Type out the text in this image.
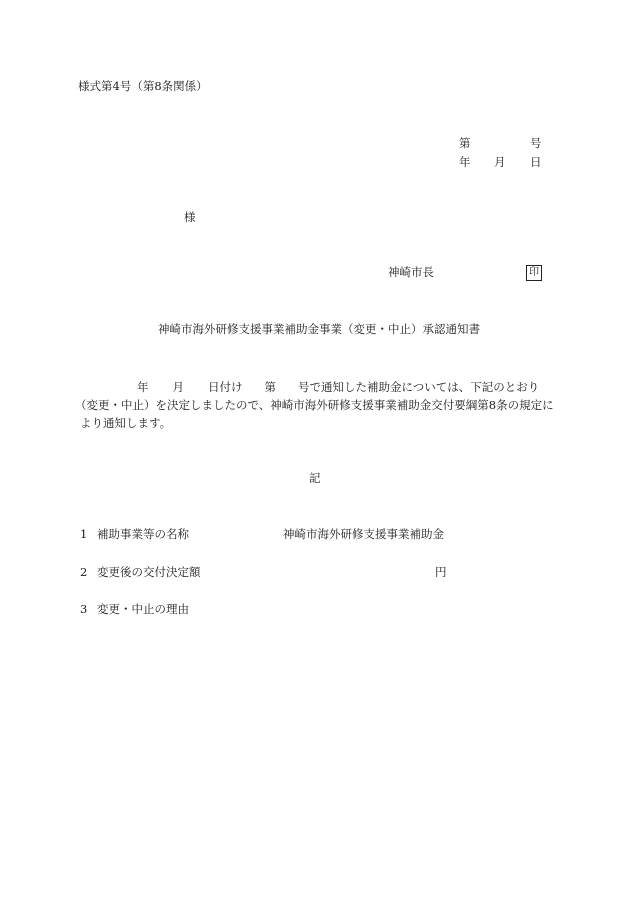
様式第4号（第8条関係）
第	号
年 月 日
様
神崎市長	印
神崎市海外研修支援事業補助金事業（変更・中止）承認通知書
年 月 日付け 第 号で通知した補助金については、下記のとおり
（変更・中止）を決定しましたので、神崎市海外研修支援事業補助金交付要綱第8条の規定に
より通知します。
記
1 補助事業等の名称	神崎市海外研修支援事業補助金
2 変更後の交付決定額	円
3 変更・中止の理由
